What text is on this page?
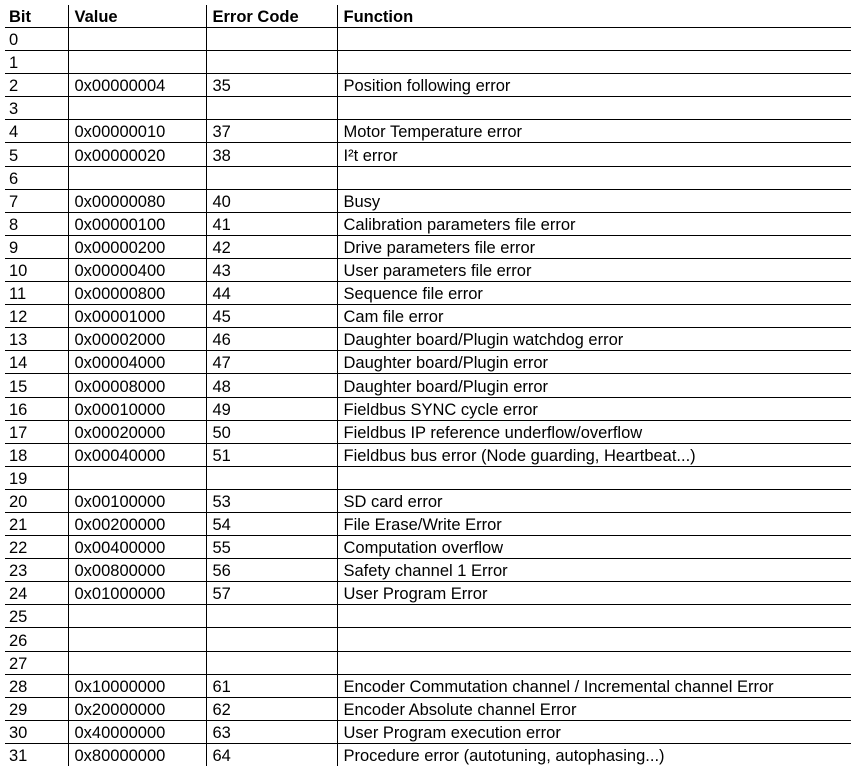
Bit	Value	Error Code	Function
0			
1			
2	0x00000004	35	Position following error
3			
4	0x00000010	37	Motor Temperature error
5	0x00000020	38	I²t error
6			
7	0x00000080	40	Busy
8	0x00000100	41	Calibration parameters file error
9	0x00000200	42	Drive parameters file error
10	0x00000400	43	User parameters file error
11	0x00000800	44	Sequence file error
12	0x00001000	45	Cam file error
13	0x00002000	46	Daughter board/Plugin watchdog error
14	0x00004000	47	Daughter board/Plugin error
15	0x00008000	48	Daughter board/Plugin error
16	0x00010000	49	Fieldbus SYNC cycle error
17	0x00020000	50	Fieldbus IP reference underflow/overflow
18	0x00040000	51	Fieldbus bus error (Node guarding, Heartbeat...)
19			
20	0x00100000	53	SD card error
21	0x00200000	54	File Erase/Write Error
22	0x00400000	55	Computation overflow
23	0x00800000	56	Safety channel 1 Error
24	0x01000000	57	User Program Error
25			
26			
27			
28	0x10000000	61	Encoder Commutation channel / Incremental channel Error
29	0x20000000	62	Encoder Absolute channel Error
30	0x40000000	63	User Program execution error
31	0x80000000	64	Procedure error (autotuning, autophasing...)
